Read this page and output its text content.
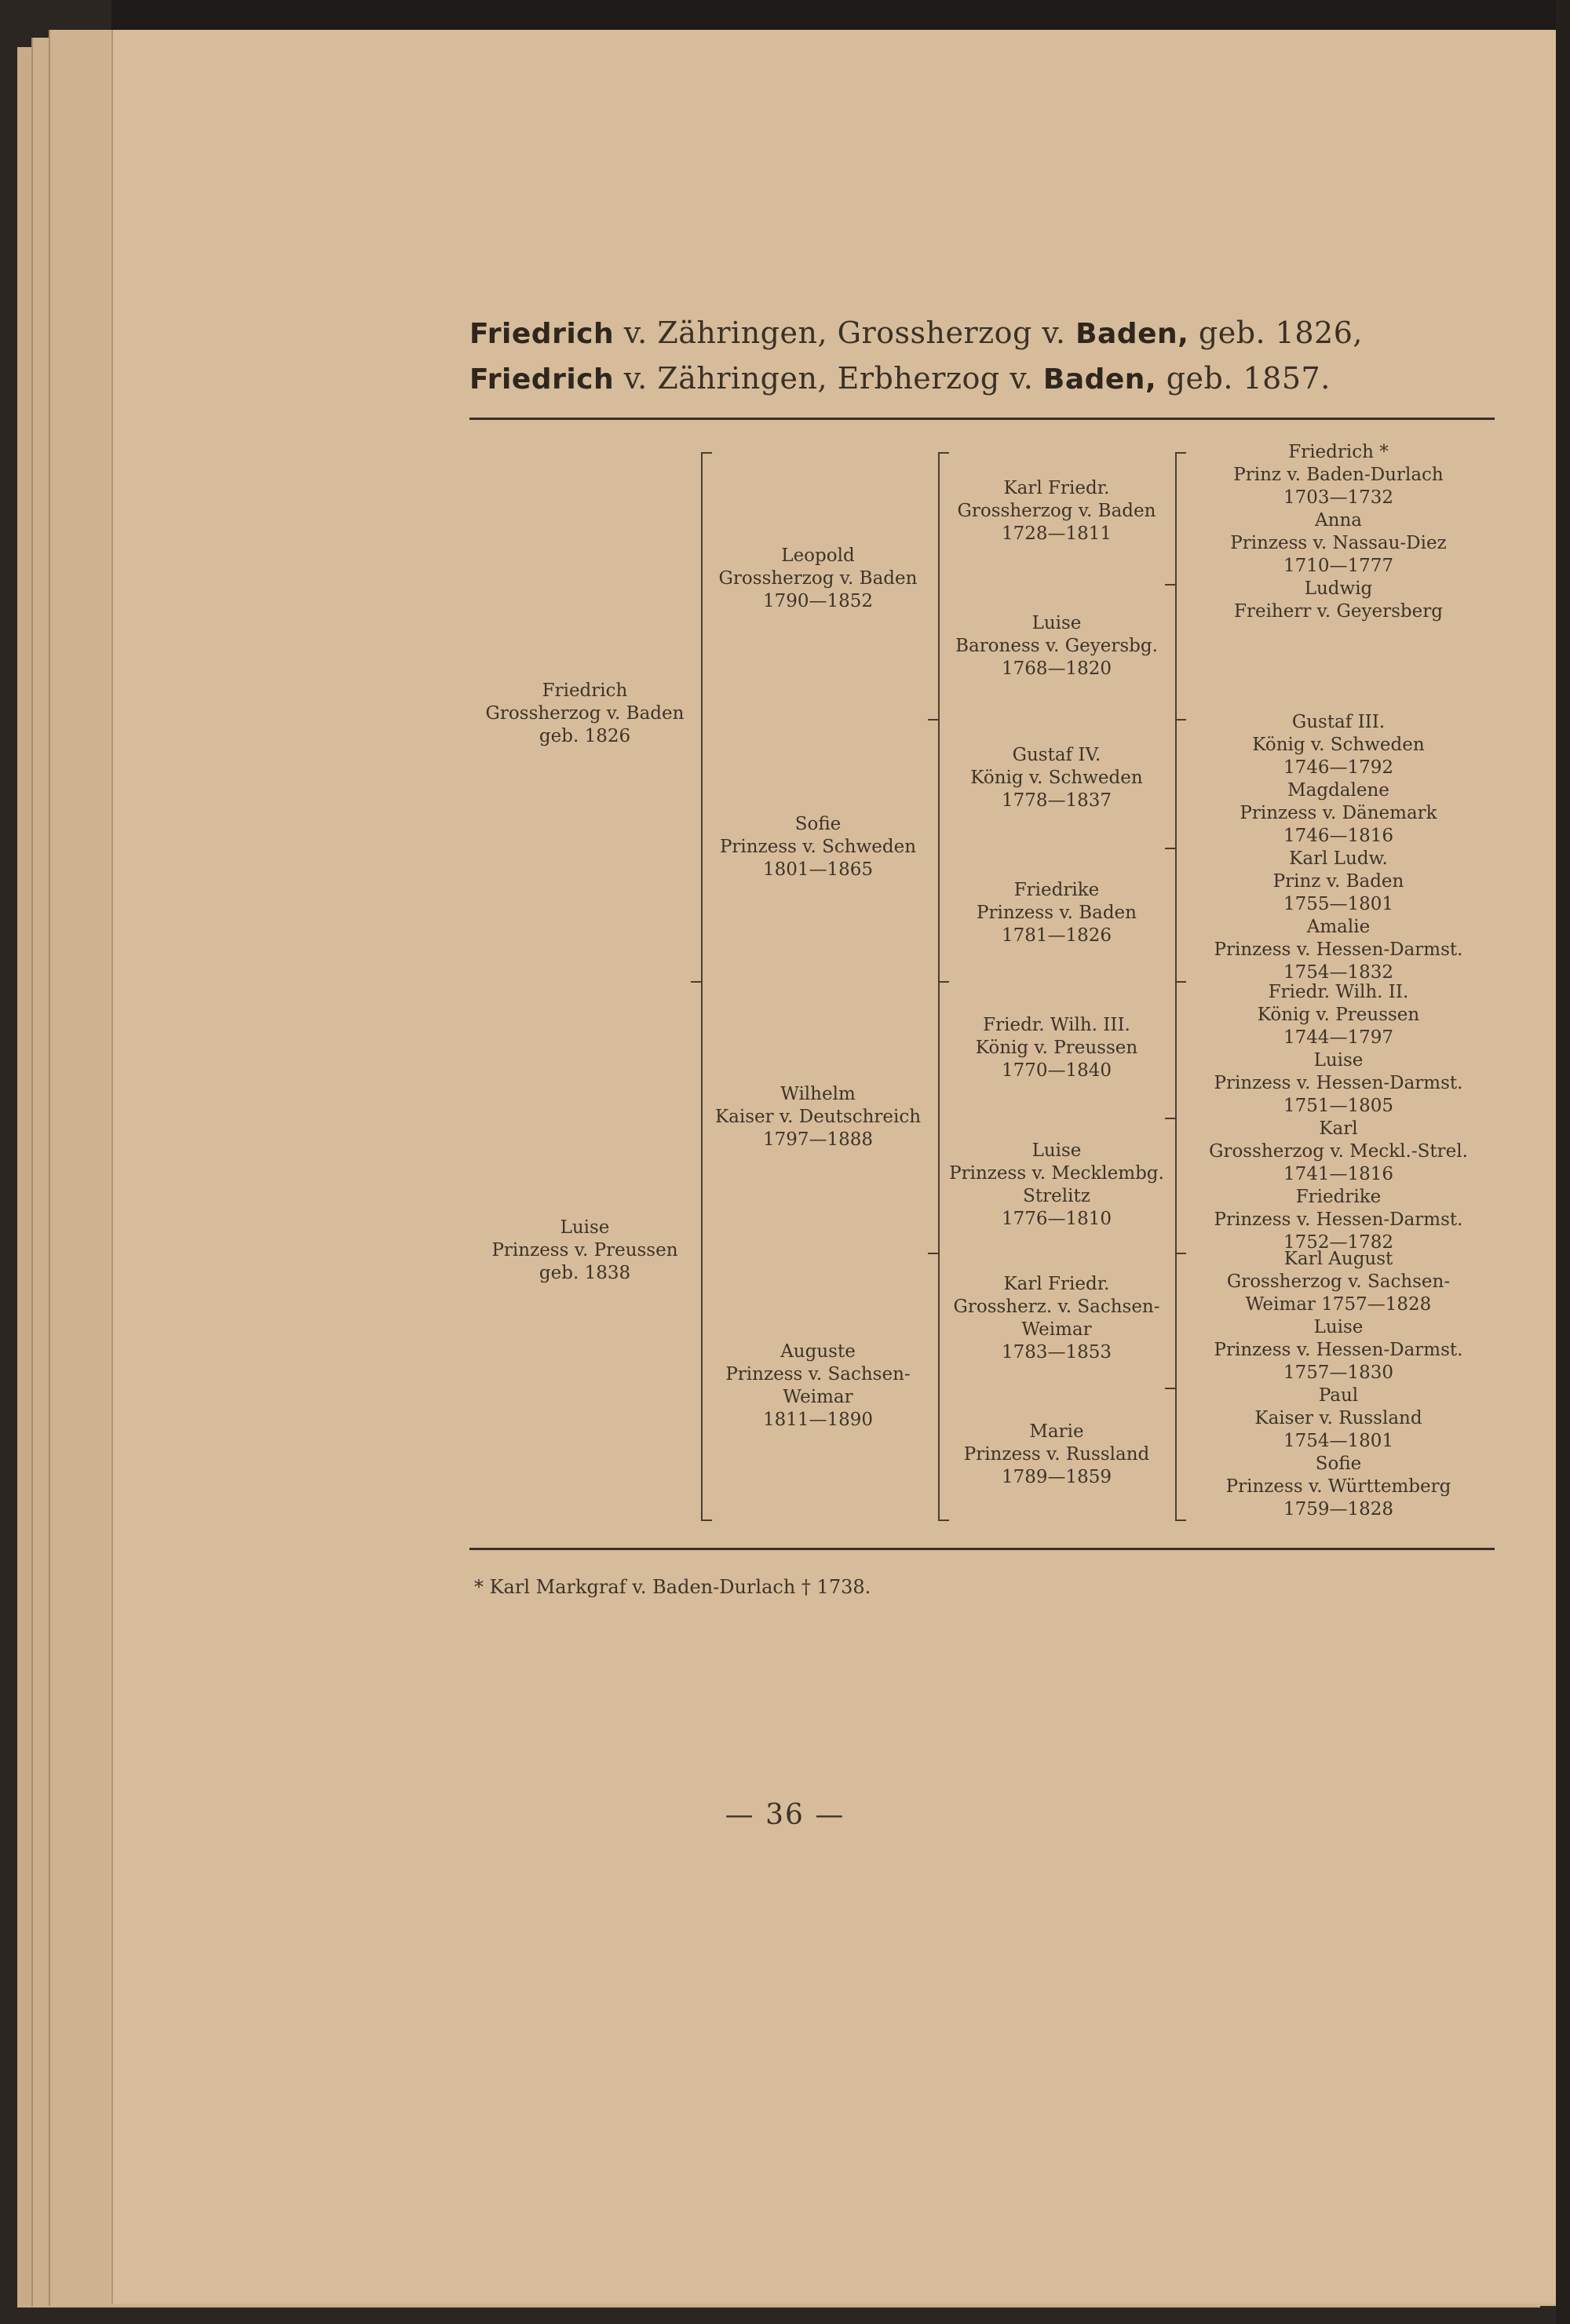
Friedrich v. Zähringen, Grossherzog v. Baden, geb. 1826,
Friedrich v. Zähringen, Erbherzog v. Baden, geb. 1857.
Friedrich
Grossherzog v. Baden
geb. 1826
Luise
Prinzess v. Preussen
geb. 1838
Leopold
Grossherzog v. Baden
1790—1852
Sofie
Prinzess v. Schweden
1801—1865
Wilhelm
Kaiser v. Deutschreich
1797—1888
Auguste
Prinzess v. Sachsen-
Weimar
1811—1890
Karl Friedr.
Grossherzog v. Baden
1728—1811
Luise
Baroness v. Geyersbg.
1768—1820
Gustaf IV.
König v. Schweden
1778—1837
Friedrike
Prinzess v. Baden
1781—1826
Friedr. Wilh. III.
König v. Preussen
1770—1840
Luise
Prinzess v. Mecklembg.
Strelitz
1776—1810
Karl Friedr.
Grossherz. v. Sachsen-
Weimar
1783—1853
Marie
Prinzess v. Russland
1789—1859
Friedrich *
Prinz v. Baden-Durlach
1703—1732
Anna
Prinzess v. Nassau-Diez
1710—1777
Ludwig
Freiherr v. Geyersberg
Gustaf III.
König v. Schweden
1746—1792
Magdalene
Prinzess v. Dänemark
1746—1816
Karl Ludw.
Prinz v. Baden
1755—1801
Amalie
Prinzess v. Hessen-Darmst.
1754—1832
Friedr. Wilh. II.
König v. Preussen
1744—1797
Luise
Prinzess v. Hessen-Darmst.
1751—1805
Karl
Grossherzog v. Meckl.-Strel.
1741—1816
Friedrike
Prinzess v. Hessen-Darmst.
1752—1782
Karl August
Grossherzog v. Sachsen-
Weimar 1757—1828
Luise
Prinzess v. Hessen-Darmst.
1757—1830
Paul
Kaiser v. Russland
1754—1801
Sofie
Prinzess v. Württemberg
1759—1828
* Karl Markgraf v. Baden-Durlach † 1738.
— 36 —
